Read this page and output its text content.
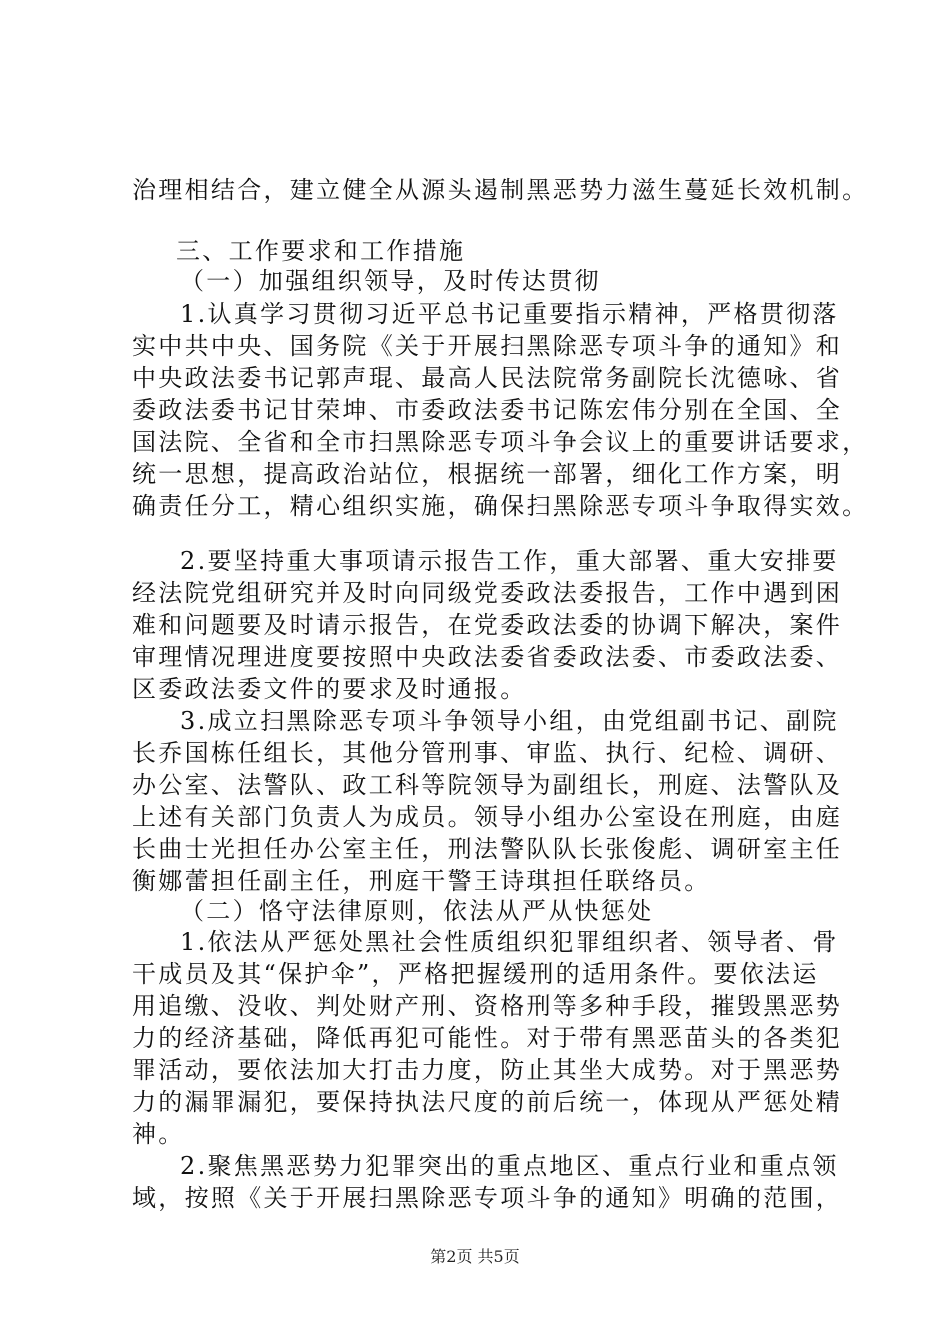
治理相结合，建立健全从源头遏制黑恶势力滋生蔓延长效机制。
三、工作要求和工作措施
（一）加强组织领导，及时传达贯彻
1.认真学习贯彻习近平总书记重要指示精神，严格贯彻落
实中共中央、国务院《关于开展扫黑除恶专项斗争的通知》和
中央政法委书记郭声琨、最高人民法院常务副院长沈德咏、省
委政法委书记甘荣坤、市委政法委书记陈宏伟分别在全国、全
国法院、全省和全市扫黑除恶专项斗争会议上的重要讲话要求，
统一思想，提高政治站位，根据统一部署，细化工作方案，明
确责任分工，精心组织实施，确保扫黑除恶专项斗争取得实效。
2.要坚持重大事项请示报告工作，重大部署、重大安排要
经法院党组研究并及时向同级党委政法委报告，工作中遇到困
难和问题要及时请示报告，在党委政法委的协调下解决，案件
审理情况理进度要按照中央政法委省委政法委、市委政法委、
区委政法委文件的要求及时通报。
3.成立扫黑除恶专项斗争领导小组，由党组副书记、副院
长乔国栋任组长，其他分管刑事、审监、执行、纪检、调研、
办公室、法警队、政工科等院领导为副组长，刑庭、法警队及
上述有关部门负责人为成员。领导小组办公室设在刑庭，由庭
长曲士光担任办公室主任，刑法警队队长张俊彪、调研室主任
衡娜蕾担任副主任，刑庭干警王诗琪担任联络员。
（二）恪守法律原则，依法从严从快惩处
1.依法从严惩处黑社会性质组织犯罪组织者、领导者、骨
干成员及其“保护伞”，严格把握缓刑的适用条件。要依法运
用追缴、没收、判处财产刑、资格刑等多种手段，摧毁黑恶势
力的经济基础，降低再犯可能性。对于带有黑恶苗头的各类犯
罪活动，要依法加大打击力度，防止其坐大成势。对于黑恶势
力的漏罪漏犯，要保持执法尺度的前后统一，体现从严惩处精
神。
2.聚焦黑恶势力犯罪突出的重点地区、重点行业和重点领
域，按照《关于开展扫黑除恶专项斗争的通知》明确的范围，
第2页 共5页
